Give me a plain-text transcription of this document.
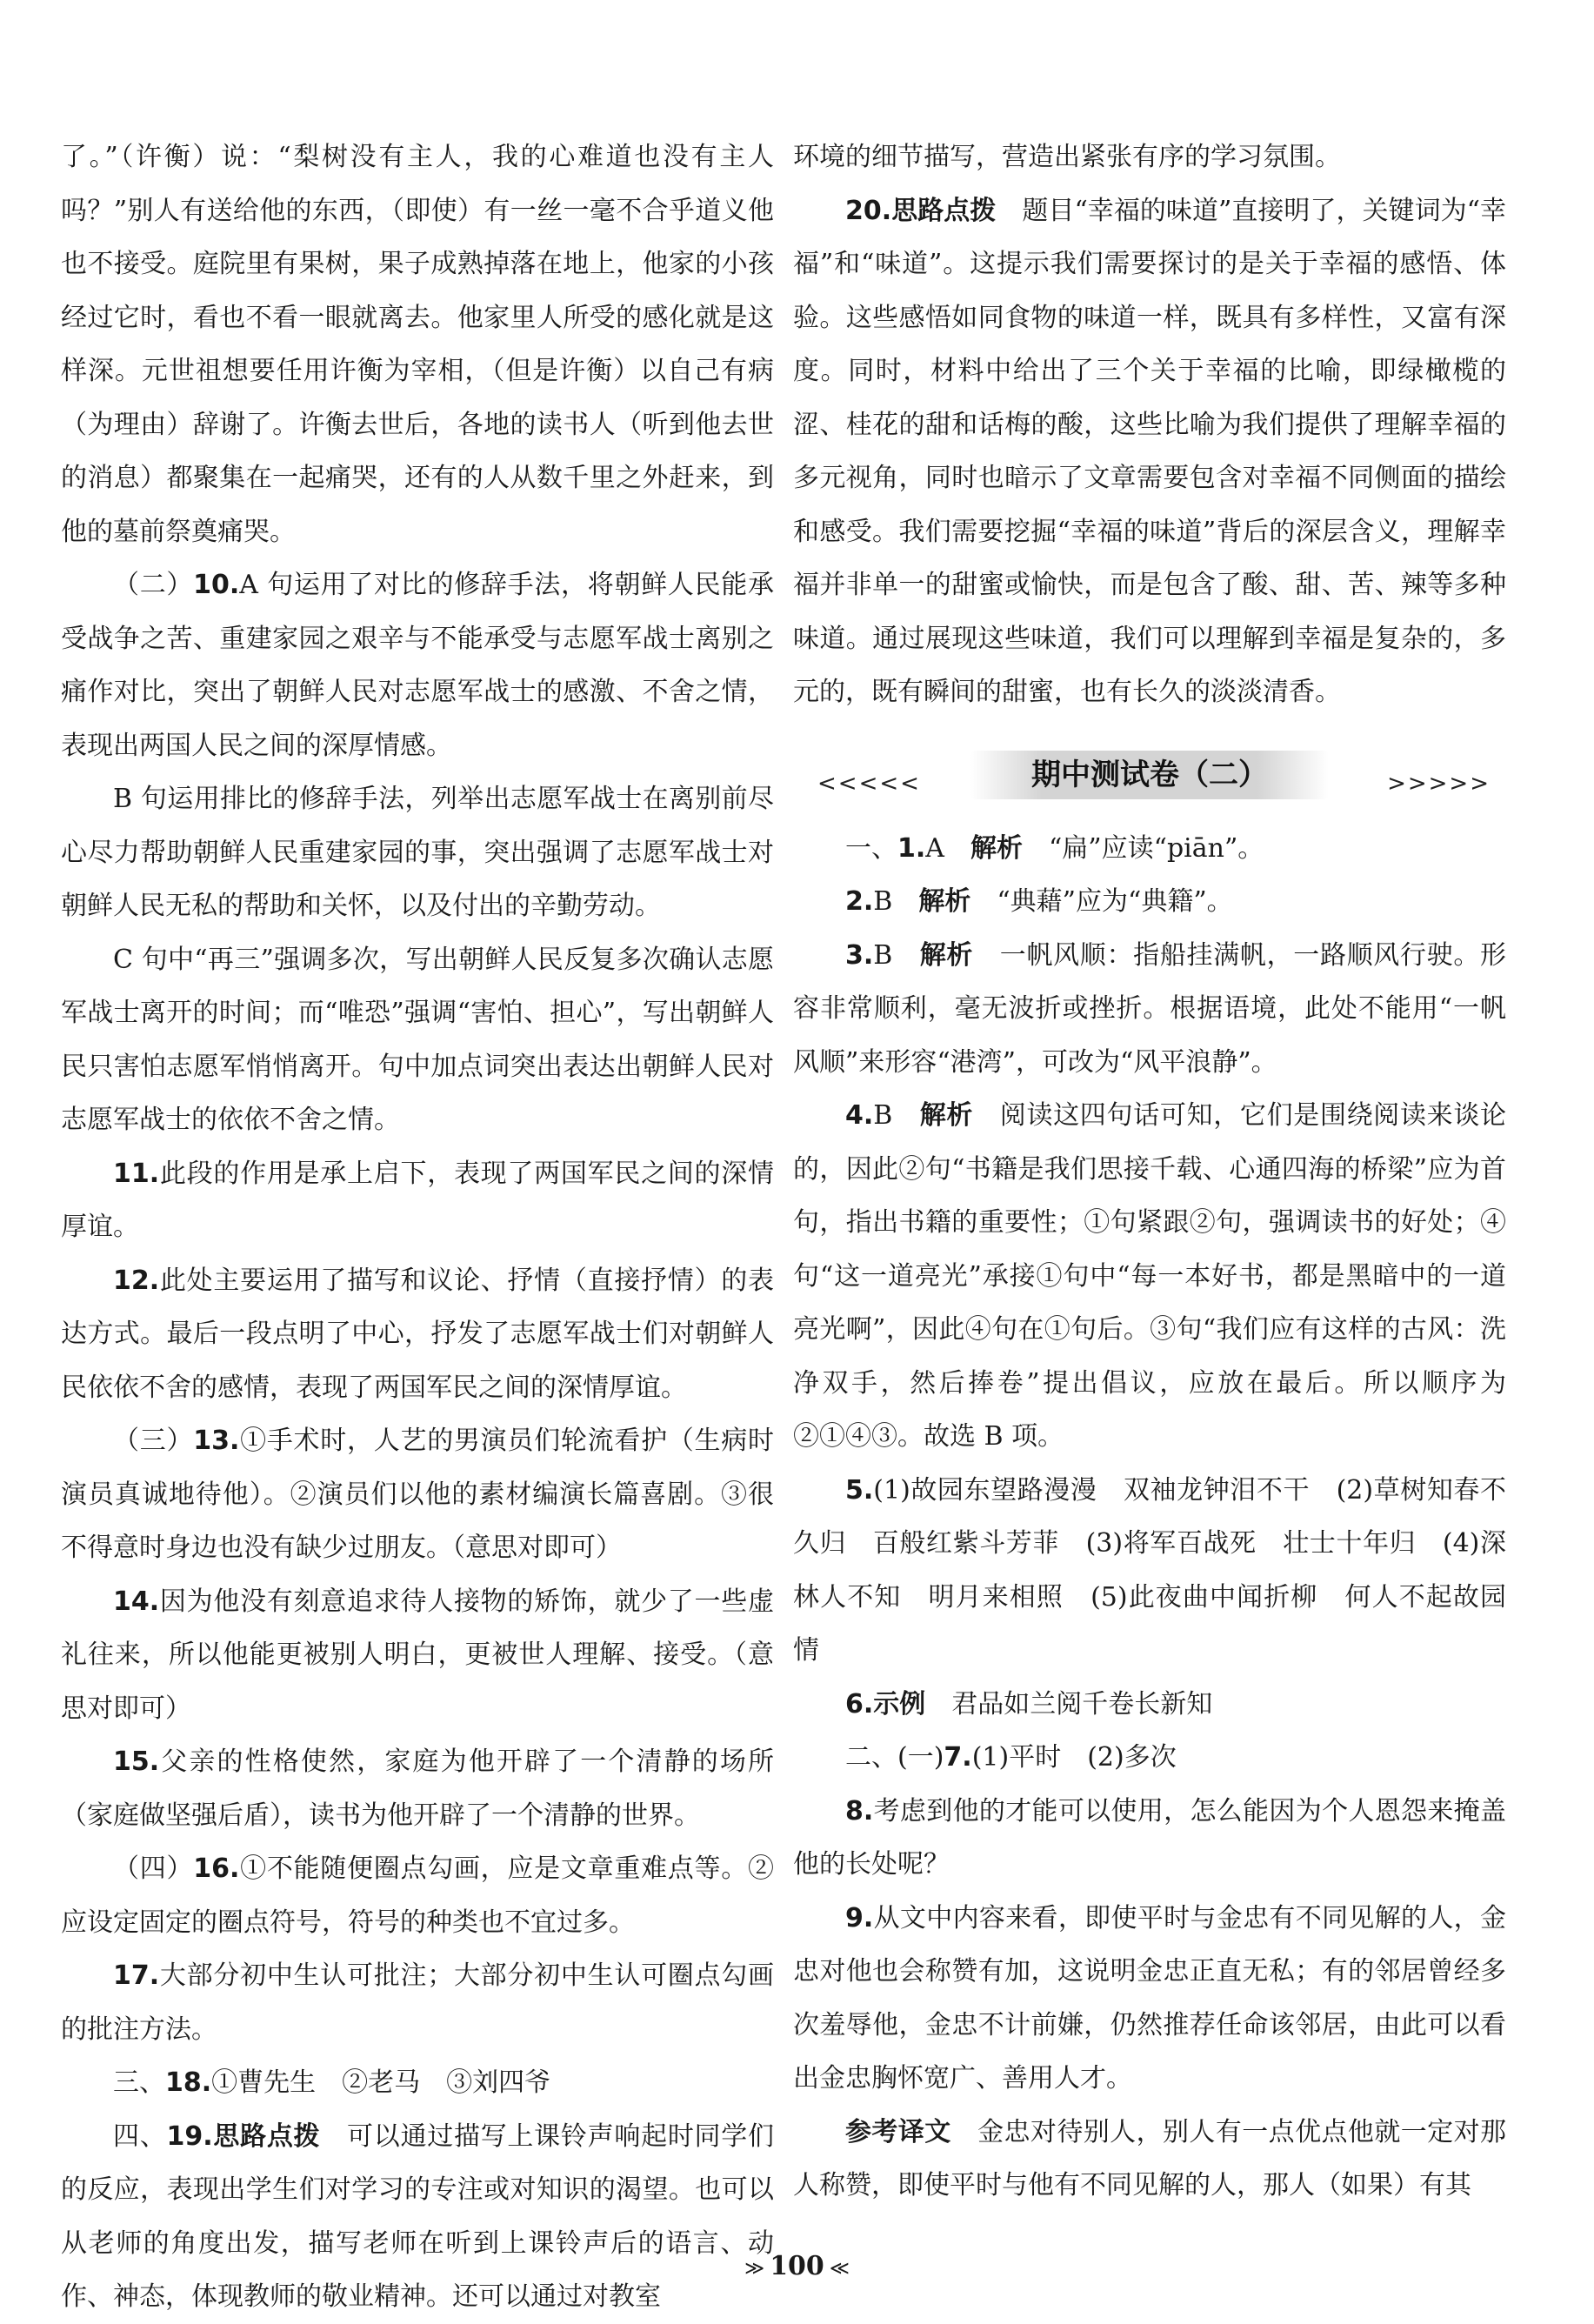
了。”（许衡）说：“梨树没有主人，我的心难道也没有主人吗？”别人有送给他的东西，（即使）有一丝一毫不合乎道义他也不接受。庭院里有果树，果子成熟掉落在地上，他家的小孩经过它时，看也不看一眼就离去。他家里人所受的感化就是这样深。元世祖想要任用许衡为宰相，（但是许衡）以自己有病（为理由）辞谢了。许衡去世后，各地的读书人（听到他去世的消息）都聚集在一起痛哭，还有的人从数千里之外赶来，到他的墓前祭奠痛哭。

（二）10.A 句运用了对比的修辞手法，将朝鲜人民能承受战争之苦、重建家园之艰辛与不能承受与志愿军战士离别之痛作对比，突出了朝鲜人民对志愿军战士的感激、不舍之情，表现出两国人民之间的深厚情感。

B 句运用排比的修辞手法，列举出志愿军战士在离别前尽心尽力帮助朝鲜人民重建家园的事，突出强调了志愿军战士对朝鲜人民无私的帮助和关怀，以及付出的辛勤劳动。

C 句中“再三”强调多次，写出朝鲜人民反复多次确认志愿军战士离开的时间；而“唯恐”强调“害怕、担心”，写出朝鲜人民只害怕志愿军悄悄离开。句中加点词突出表达出朝鲜人民对志愿军战士的依依不舍之情。

11.此段的作用是承上启下，表现了两国军民之间的深情厚谊。

12.此处主要运用了描写和议论、抒情（直接抒情）的表达方式。最后一段点明了中心，抒发了志愿军战士们对朝鲜人民依依不舍的感情，表现了两国军民之间的深情厚谊。

（三）13.①手术时，人艺的男演员们轮流看护（生病时演员真诚地待他）。②演员们以他的素材编演长篇喜剧。③很不得意时身边也没有缺少过朋友。（意思对即可）

14.因为他没有刻意追求待人接物的矫饰，就少了一些虚礼往来，所以他能更被别人明白，更被世人理解、接受。（意思对即可）

15.父亲的性格使然，家庭为他开辟了一个清静的场所（家庭做坚强后盾），读书为他开辟了一个清静的世界。

（四）16.①不能随便圈点勾画，应是文章重难点等。②应设定固定的圈点符号，符号的种类也不宜过多。

17.大部分初中生认可批注；大部分初中生认可圈点勾画的批注方法。

三、18.①曹先生　②老马　③刘四爷

四、19.思路点拨　 可以通过描写上课铃声响起时同学们的反应，表现出学生们对学习的专注或对知识的渴望。也可以从老师的角度出发，描写老师在听到上课铃声后的语言、动作、神态，体现教师的敬业精神。还可以通过对教室

环境的细节描写，营造出紧张有序的学习氛围。

20.思路点拨　 题目“幸福的味道”直接明了，关键词为“幸福”和“味道”。这提示我们需要探讨的是关于幸福的感悟、体验。这些感悟如同食物的味道一样，既具有多样性，又富有深度。同时，材料中给出了三个关于幸福的比喻，即绿橄榄的涩、桂花的甜和话梅的酸，这些比喻为我们提供了理解幸福的多元视角，同时也暗示了文章需要包含对幸福不同侧面的描绘和感受。我们需要挖掘“幸福的味道”背后的深层含义，理解幸福并非单一的甜蜜或愉快，而是包含了酸、甜、苦、辣等多种味道。通过展现这些味道，我们可以理解到幸福是复杂的，多元的，既有瞬间的甜蜜，也有长久的淡淡清香。

<<<<<	期中测试卷（二）	>>>>>

一、1.A　 解析　 “扁”应读“piān”。

2.B　 解析　 “典藉”应为“典籍”。

3.B　 解析　 一帆风顺：指船挂满帆，一路顺风行驶。形容非常顺利，毫无波折或挫折。根据语境，此处不能用“一帆风顺”来形容“港湾”，可改为“风平浪静”。

4.B　 解析　 阅读这四句话可知，它们是围绕阅读来谈论的，因此②句“书籍是我们思接千载、心通四海的桥梁”应为首句，指出书籍的重要性；①句紧跟②句，强调读书的好处；④句“这一道亮光”承接①句中“每一本好书，都是黑暗中的一道亮光啊”，因此④句在①句后。③句“我们应有这样的古风：洗净双手，然后捧卷”提出倡议，应放在最后。所以顺序为②①④③。故选 B 项。

5.(1)故园东望路漫漫　双袖龙钟泪不干　(2)草树知春不久归　百般红紫斗芳菲　(3)将军百战死　壮士十年归　(4)深林人不知　明月来相照　(5)此夜曲中闻折柳　何人不起故园情

6.示例　 君品如兰阅千卷长新知

二、(一)7.(1)平时　(2)多次

8.考虑到他的才能可以使用，怎么能因为个人恩怨来掩盖他的长处呢？

9.从文中内容来看，即使平时与金忠有不同见解的人，金忠对他也会称赞有加，这说明金忠正直无私；有的邻居曾经多次羞辱他，金忠不计前嫌，仍然推荐任命该邻居，由此可以看出金忠胸怀宽广、善用人才。

参考译文　 金忠对待别人，别人有一点优点他就一定对那人称赞，即使平时与他有不同见解的人，那人（如果）有其

≫ 100 ≪
